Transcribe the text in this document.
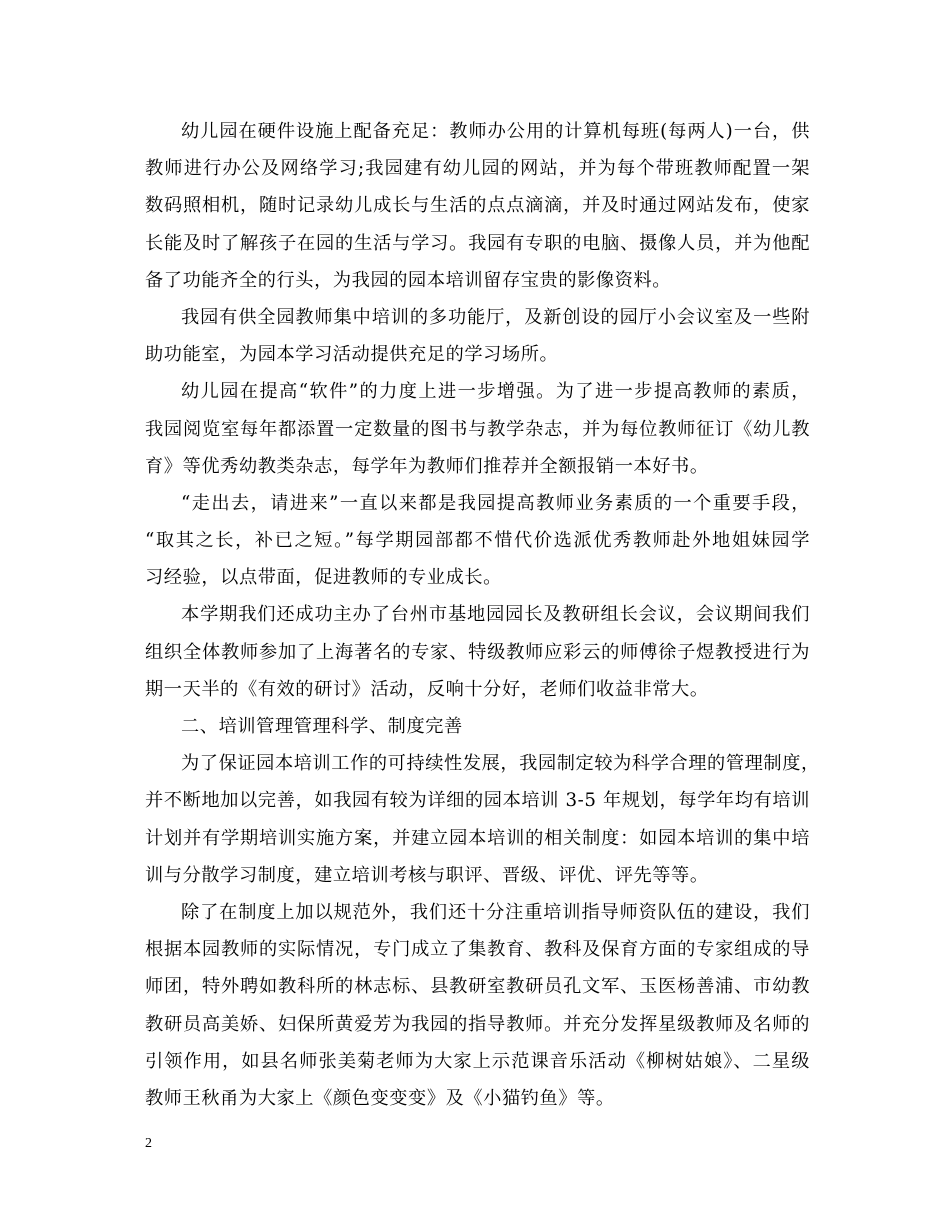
幼儿园在硬件设施上配备充足：教师办公用的计算机每班(每两人)一台，供
教师进行办公及网络学习;我园建有幼儿园的网站，并为每个带班教师配置一架
数码照相机，随时记录幼儿成长与生活的点点滴滴，并及时通过网站发布，使家
长能及时了解孩子在园的生活与学习。我园有专职的电脑、摄像人员，并为他配
备了功能齐全的行头，为我园的园本培训留存宝贵的影像资料。
我园有供全园教师集中培训的多功能厅，及新创设的园厅小会议室及一些附
助功能室，为园本学习活动提供充足的学习场所。
幼儿园在提高“软件”的力度上进一步增强。为了进一步提高教师的素质，
我园阅览室每年都添置一定数量的图书与教学杂志，并为每位教师征订《幼儿教
育》等优秀幼教类杂志，每学年为教师们推荐并全额报销一本好书。
“走出去，请进来”一直以来都是我园提高教师业务素质的一个重要手段，
“取其之长，补已之短。”每学期园部都不惜代价选派优秀教师赴外地姐妹园学
习经验，以点带面，促进教师的专业成长。
本学期我们还成功主办了台州市基地园园长及教研组长会议，会议期间我们
组织全体教师参加了上海著名的专家、特级教师应彩云的师傅徐子煜教授进行为
期一天半的《有效的研讨》活动，反响十分好，老师们收益非常大。
二、培训管理管理科学、制度完善
为了保证园本培训工作的可持续性发展，我园制定较为科学合理的管理制度，
并不断地加以完善，如我园有较为详细的园本培训 3-5 年规划，每学年均有培训
计划并有学期培训实施方案，并建立园本培训的相关制度：如园本培训的集中培
训与分散学习制度，建立培训考核与职评、晋级、评优、评先等等。
除了在制度上加以规范外，我们还十分注重培训指导师资队伍的建设，我们
根据本园教师的实际情况，专门成立了集教育、教科及保育方面的专家组成的导
师团，特外聘如教科所的林志标、县教研室教研员孔文军、玉医杨善浦、市幼教
教研员高美娇、妇保所黄爱芳为我园的指导教师。并充分发挥星级教师及名师的
引领作用，如县名师张美菊老师为大家上示范课音乐活动《柳树姑娘》、二星级
教师王秋甬为大家上《颜色变变变》及《小猫钓鱼》等。
2
